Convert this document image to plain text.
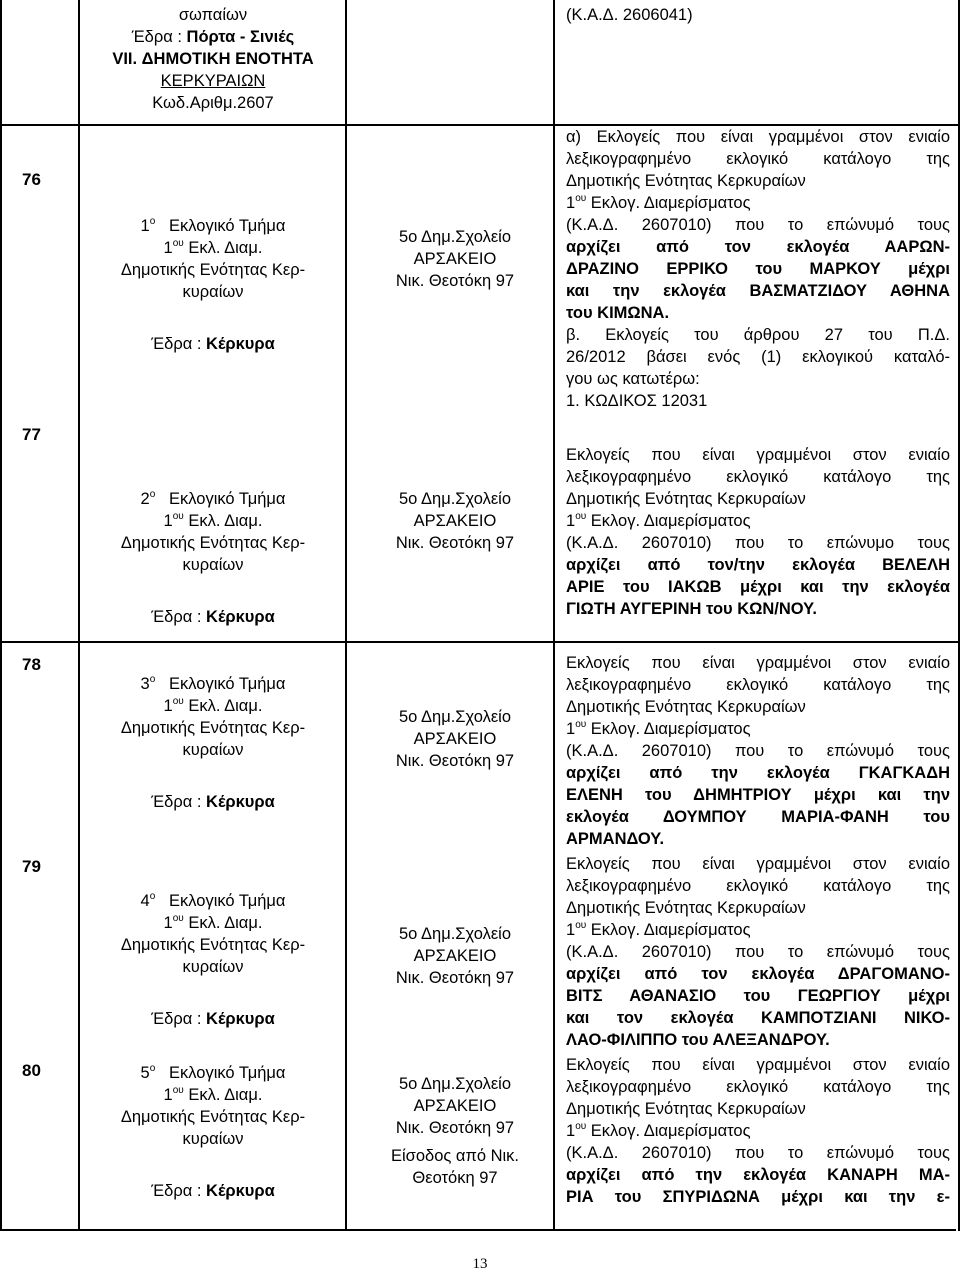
76
77
78
79
80
σωπαίων
Έδρα : Πόρτα - Σινιές
VII. ΔΗΜΟΤΙΚΗ ΕΝΟΤΗΤΑ
ΚΕΡΚΥΡΑΙΩΝ
Κωδ.Αριθμ.2607
(Κ.Α.Δ. 2606041)
$1^o$ Εκλογικό Τμήμα
$1^{o\upsilon}$ Εκλ. Διαμ.
Δημοτικής Ενότητας Κερ-
κυραίων
Έδρα : Κέρκυρα
5ο Δημ.Σχολείο
ΑΡΣΑΚΕΙΟ
Νικ. Θεοτόκη 97
$2^o$ Εκλογικό Τμήμα
$1^{o\upsilon}$ Εκλ. Διαμ.
Δημοτικής Ενότητας Κερ-
κυραίων
Έδρα : Κέρκυρα
5ο Δημ.Σχολείο
ΑΡΣΑΚΕΙΟ
Νικ. Θεοτόκη 97
$3^o$ Εκλογικό Τμήμα
$1^{o\upsilon}$ Εκλ. Διαμ.
Δημοτικής Ενότητας Κερ-
κυραίων
Έδρα : Κέρκυρα
5ο Δημ.Σχολείο
ΑΡΣΑΚΕΙΟ
Νικ. Θεοτόκη 97
$4^o$ Εκλογικό Τμήμα
$1^{o\upsilon}$ Εκλ. Διαμ.
Δημοτικής Ενότητας Κερ-
κυραίων
Έδρα : Κέρκυρα
5ο Δημ.Σχολείο
ΑΡΣΑΚΕΙΟ
Νικ. Θεοτόκη 97
$5^o$ Εκλογικό Τμήμα
$1^{o\upsilon}$ Εκλ. Διαμ.
Δημοτικής Ενότητας Κερ-
κυραίων
Έδρα : Κέρκυρα
5ο Δημ.Σχολείο
ΑΡΣΑΚΕΙΟ
Νικ. Θεοτόκη 97
Είσοδος από Νικ.
Θεοτόκη 97
α) Εκλογείς που είναι γραμμένοι στον ενιαίο
λεξικογραφημένο εκλογικό κατάλογο της
Δημοτικής Ενότητας Κερκυραίων
$1^{o\upsilon}$ Εκλογ. Διαμερίσματος
(Κ.Α.Δ. 2607010) που το επώνυμό τους
αρχίζει από τον εκλογέα ΑΑΡΩΝ-
ΔΡΑΖΙΝΟ ΕΡΡΙΚΟ του ΜΑΡΚΟΥ μέχρι
και την εκλογέα ΒΑΣΜΑΤΖΙΔΟΥ ΑΘΗΝΑ
του ΚΙΜΩΝΑ.
β. Εκλογείς του άρθρου 27 του Π.Δ.
26/2012 βάσει ενός (1) εκλογικού καταλό-
γου ως κατωτέρω:
1. ΚΩΔΙΚΟΣ 12031
Εκλογείς που είναι γραμμένοι στον ενιαίο
λεξικογραφημένο εκλογικό κατάλογο της
Δημοτικής Ενότητας Κερκυραίων
$1^{o\upsilon}$ Εκλογ. Διαμερίσματος
(Κ.Α.Δ. 2607010) που το επώνυμο τους
αρχίζει από τον/την εκλογέα ΒΕΛΕΛΗ
ΑΡΙΕ του ΙΑΚΩΒ μέχρι και την εκλογέα
ΓΙΩΤΗ ΑΥΓΕΡΙΝΗ του ΚΩΝ/ΝΟΥ.
Εκλογείς που είναι γραμμένοι στον ενιαίο
λεξικογραφημένο εκλογικό κατάλογο της
Δημοτικής Ενότητας Κερκυραίων
$1^{o\upsilon}$ Εκλογ. Διαμερίσματος
(Κ.Α.Δ. 2607010) που το επώνυμό τους
αρχίζει από την εκλογέα ΓΚΑΓΚΑΔΗ
ΕΛΕΝΗ του ΔΗΜΗΤΡΙΟΥ μέχρι και την
εκλογέα ΔΟΥΜΠΟΥ ΜΑΡΙΑ-ΦΑΝΗ του
ΑΡΜΑΝΔΟΥ.
Εκλογείς που είναι γραμμένοι στον ενιαίο
λεξικογραφημένο εκλογικό κατάλογο της
Δημοτικής Ενότητας Κερκυραίων
$1^{o\upsilon}$ Εκλογ. Διαμερίσματος
(Κ.Α.Δ. 2607010) που το επώνυμό τους
αρχίζει από τον εκλογέα ΔΡΑΓΟΜΑΝΟ-
ΒΙΤΣ ΑΘΑΝΑΣΙΟ του ΓΕΩΡΓΙΟΥ μέχρι
και τον εκλογέα ΚΑΜΠΟΤΖΙΑΝΙ ΝΙΚΟ-
ΛΑΟ-ΦΙΛΙΠΠΟ του ΑΛΕΞΑΝΔΡΟΥ.
Εκλογείς που είναι γραμμένοι στον ενιαίο
λεξικογραφημένο εκλογικό κατάλογο της
Δημοτικής Ενότητας Κερκυραίων
$1^{o\upsilon}$ Εκλογ. Διαμερίσματος
(Κ.Α.Δ. 2607010) που το επώνυμό τους
αρχίζει από την εκλογέα ΚΑΝΑΡΗ ΜΑ-
ΡΙΑ του ΣΠΥΡΙΔΩΝΑ μέχρι και την ε-
13
